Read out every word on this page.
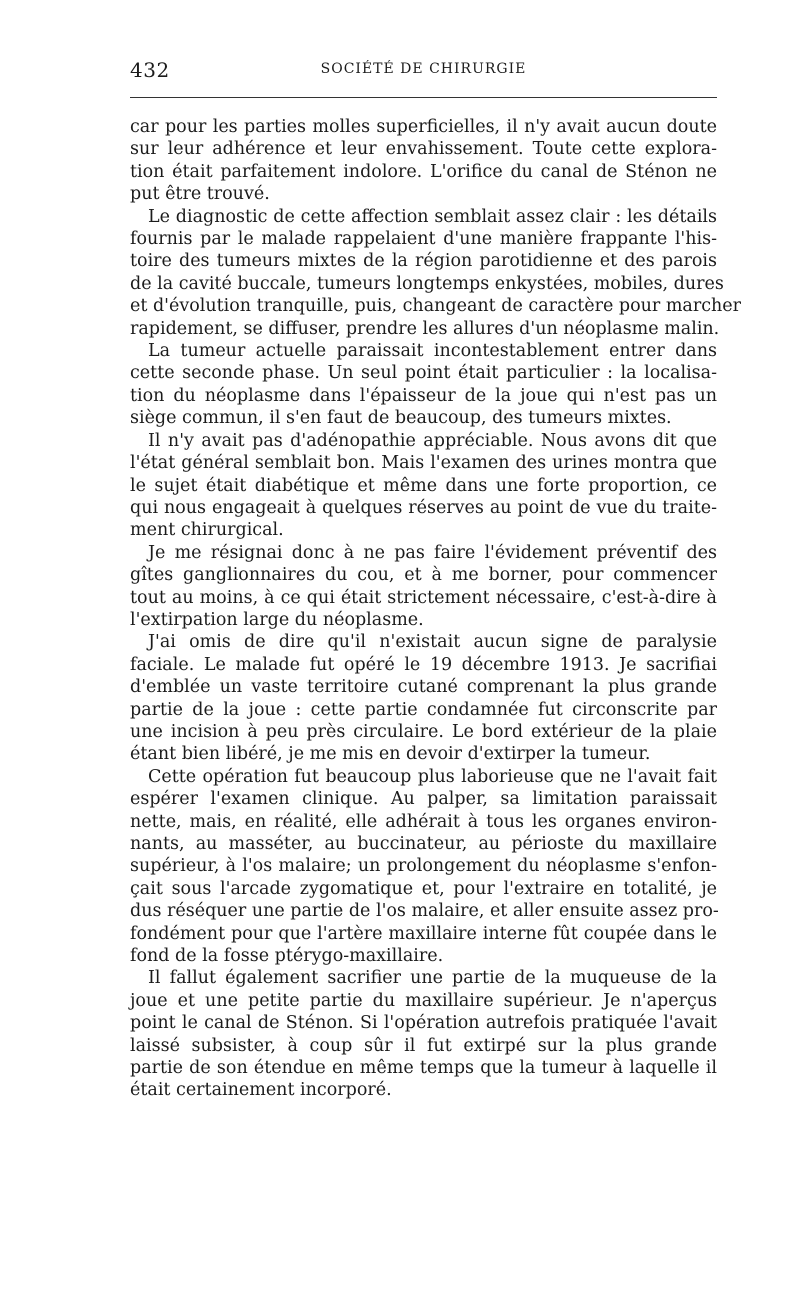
432	SOCIÉTÉ DE CHIRURGIE
car pour les parties molles superficielles, il n'y avait aucun doute
sur leur adhérence et leur envahissement. Toute cette explora-
tion était parfaitement indolore. L'orifice du canal de Sténon ne
put être trouvé.
Le diagnostic de cette affection semblait assez clair : les détails
fournis par le malade rappelaient d'une manière frappante l'his-
toire des tumeurs mixtes de la région parotidienne et des parois
de la cavité buccale, tumeurs longtemps enkystées, mobiles, dures
et d'évolution tranquille, puis, changeant de caractère pour marcher
rapidement, se diffuser, prendre les allures d'un néoplasme malin.
La tumeur actuelle paraissait incontestablement entrer dans
cette seconde phase. Un seul point était particulier : la localisa-
tion du néoplasme dans l'épaisseur de la joue qui n'est pas un
siège commun, il s'en faut de beaucoup, des tumeurs mixtes.
Il n'y avait pas d'adénopathie appréciable. Nous avons dit que
l'état général semblait bon. Mais l'examen des urines montra que
le sujet était diabétique et même dans une forte proportion, ce
qui nous engageait à quelques réserves au point de vue du traite-
ment chirurgical.
Je me résignai donc à ne pas faire l'évidement préventif des
gîtes ganglionnaires du cou, et à me borner, pour commencer
tout au moins, à ce qui était strictement nécessaire, c'est-à-dire à
l'extirpation large du néoplasme.
J'ai omis de dire qu'il n'existait aucun signe de paralysie
faciale. Le malade fut opéré le 19 décembre 1913. Je sacrifiai
d'emblée un vaste territoire cutané comprenant la plus grande
partie de la joue : cette partie condamnée fut circonscrite par
une incision à peu près circulaire. Le bord extérieur de la plaie
étant bien libéré, je me mis en devoir d'extirper la tumeur.
Cette opération fut beaucoup plus laborieuse que ne l'avait fait
espérer l'examen clinique. Au palper, sa limitation paraissait
nette, mais, en réalité, elle adhérait à tous les organes environ-
nants, au masséter, au buccinateur, au périoste du maxillaire
supérieur, à l'os malaire; un prolongement du néoplasme s'enfon-
çait sous l'arcade zygomatique et, pour l'extraire en totalité, je
dus réséquer une partie de l'os malaire, et aller ensuite assez pro-
fondément pour que l'artère maxillaire interne fût coupée dans le
fond de la fosse ptérygo-maxillaire.
Il fallut également sacrifier une partie de la muqueuse de la
joue et une petite partie du maxillaire supérieur. Je n'aperçus
point le canal de Sténon. Si l'opération autrefois pratiquée l'avait
laissé subsister, à coup sûr il fut extirpé sur la plus grande
partie de son étendue en même temps que la tumeur à laquelle il
était certainement incorporé.
